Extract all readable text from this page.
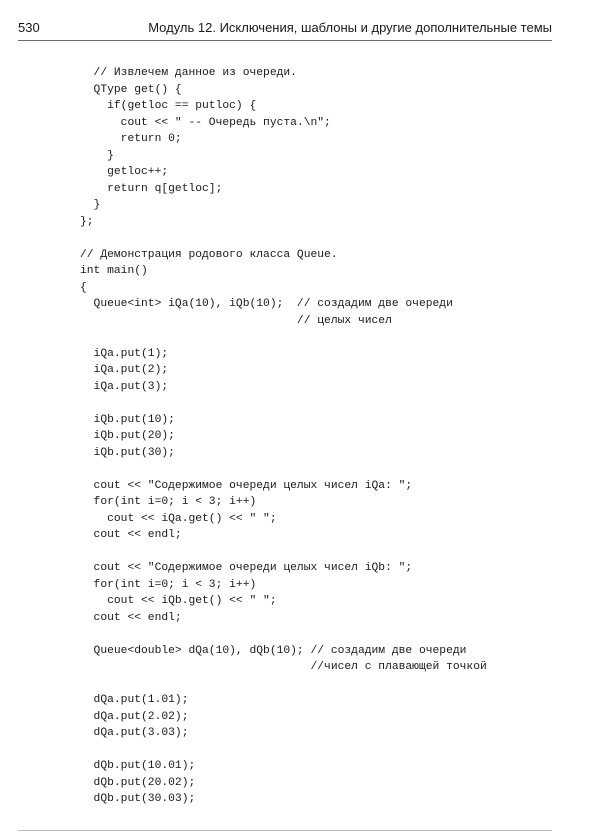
530	Модуль 12. Исключения, шаблоны и другие дополнительные темы
// Извлечем данное из очереди.
QType get() {
if(getloc == putloc) {
cout << " -- Очередь пуста.\n";
return 0;
}
getloc++;
return q[getloc];
}
};
// Демонстрация родового класса Queue.
int main()
{
Queue<int> iQa(10), iQb(10);  // создадим две очереди
// целых чисел
iQa.put(1);
iQa.put(2);
iQa.put(3);
iQb.put(10);
iQb.put(20);
iQb.put(30);
cout << "Содержимое очереди целых чисел iQa: ";
for(int i=0; i < 3; i++)
cout << iQa.get() << " ";
cout << endl;
cout << "Содержимое очереди целых чисел iQb: ";
for(int i=0; i < 3; i++)
cout << iQb.get() << " ";
cout << endl;
Queue<double> dQa(10), dQb(10); // создадим две очереди
//чисел с плавающей точкой
dQa.put(1.01);
dQa.put(2.02);
dQa.put(3.03);
dQb.put(10.01);
dQb.put(20.02);
dQb.put(30.03);
